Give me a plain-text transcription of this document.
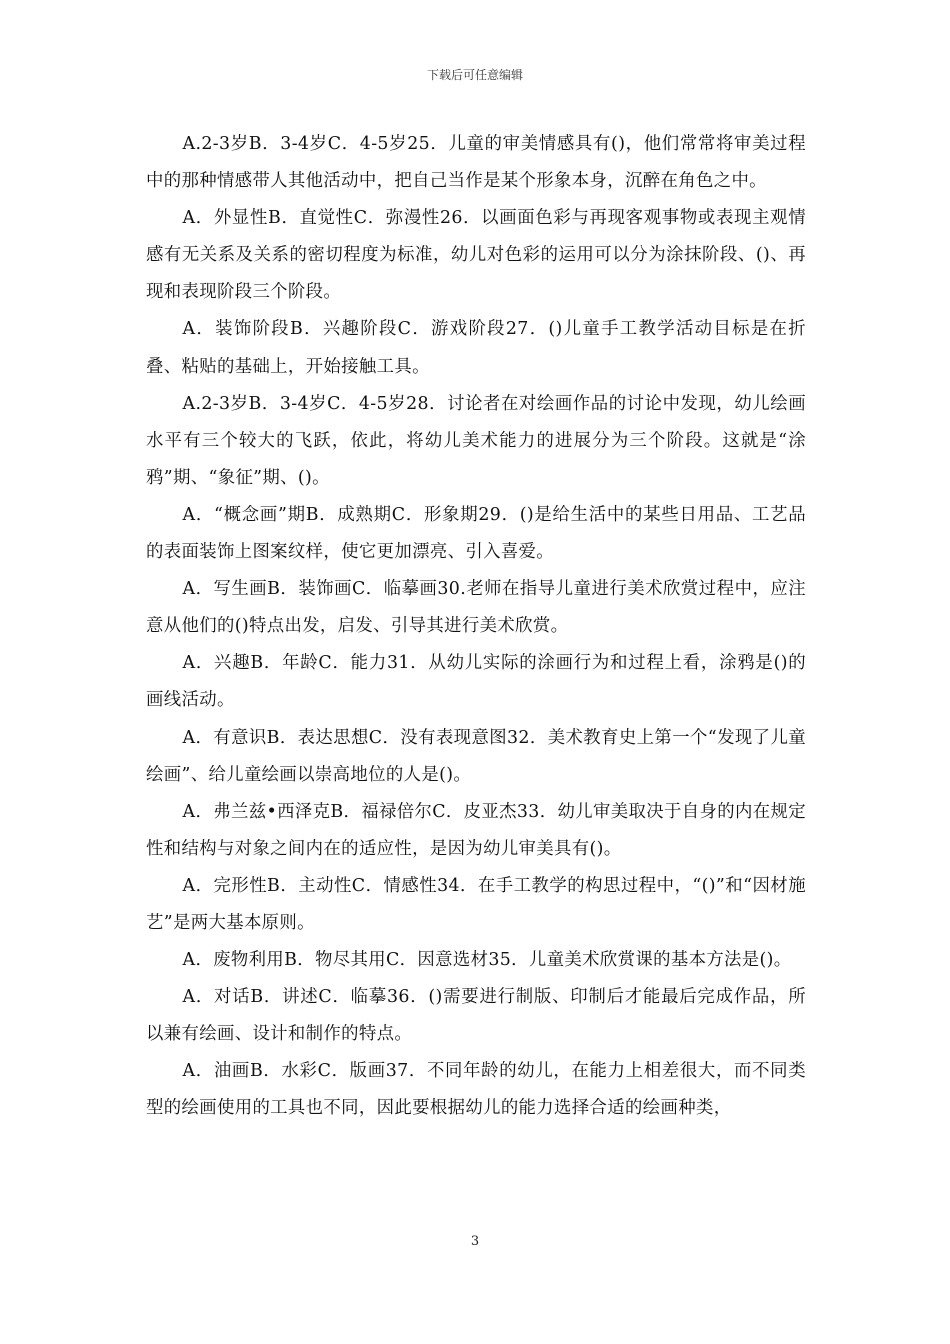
下载后可任意编辑

A.2-3岁B．3-4岁C．4-5岁25．儿童的审美情感具有()，他们常常将审美过程中的那种情感带人其他活动中，把自己当作是某个形象本身，沉醉在角色之中。

A．外显性B．直觉性C．弥漫性26．以画面色彩与再现客观事物或表现主观情感有无关系及关系的密切程度为标准，幼儿对色彩的运用可以分为涂抹阶段、()、再现和表现阶段三个阶段。

A．装饰阶段B．兴趣阶段C．游戏阶段27．()儿童手工教学活动目标是在折叠、粘贴的基础上，开始接触工具。

A.2-3岁B．3-4岁C．4-5岁28．讨论者在对绘画作品的讨论中发现，幼儿绘画水平有三个较大的飞跃，依此，将幼儿美术能力的进展分为三个阶段。这就是“涂鸦”期、“象征”期、()。

A．“概念画”期B．成熟期C．形象期29．()是给生活中的某些日用品、工艺品的表面装饰上图案纹样，使它更加漂亮、引入喜爱。

A．写生画B．装饰画C．临摹画30.老师在指导儿童进行美术欣赏过程中，应注意从他们的()特点出发，启发、引导其进行美术欣赏。

A．兴趣B．年龄C．能力31．从幼儿实际的涂画行为和过程上看，涂鸦是()的画线活动。

A．有意识B．表达思想C．没有表现意图32．美术教育史上第一个“发现了儿童绘画”、给儿童绘画以崇高地位的人是()。

A．弗兰兹•西泽克B．福禄倍尔C．皮亚杰33．幼儿审美取决于自身的内在规定性和结构与对象之间内在的适应性，是因为幼儿审美具有()。

A．完形性B．主动性C．情感性34．在手工教学的构思过程中，“()”和“因材施艺”是两大基本原则。

A．废物利用B．物尽其用C．因意选材35．儿童美术欣赏课的基本方法是()。

A．对话B．讲述C．临摹36．()需要进行制版、印制后才能最后完成作品，所以兼有绘画、设计和制作的特点。

A．油画B．水彩C．版画37．不同年龄的幼儿，在能力上相差很大，而不同类型的绘画使用的工具也不同，因此要根据幼儿的能力选择合适的绘画种类，

3
